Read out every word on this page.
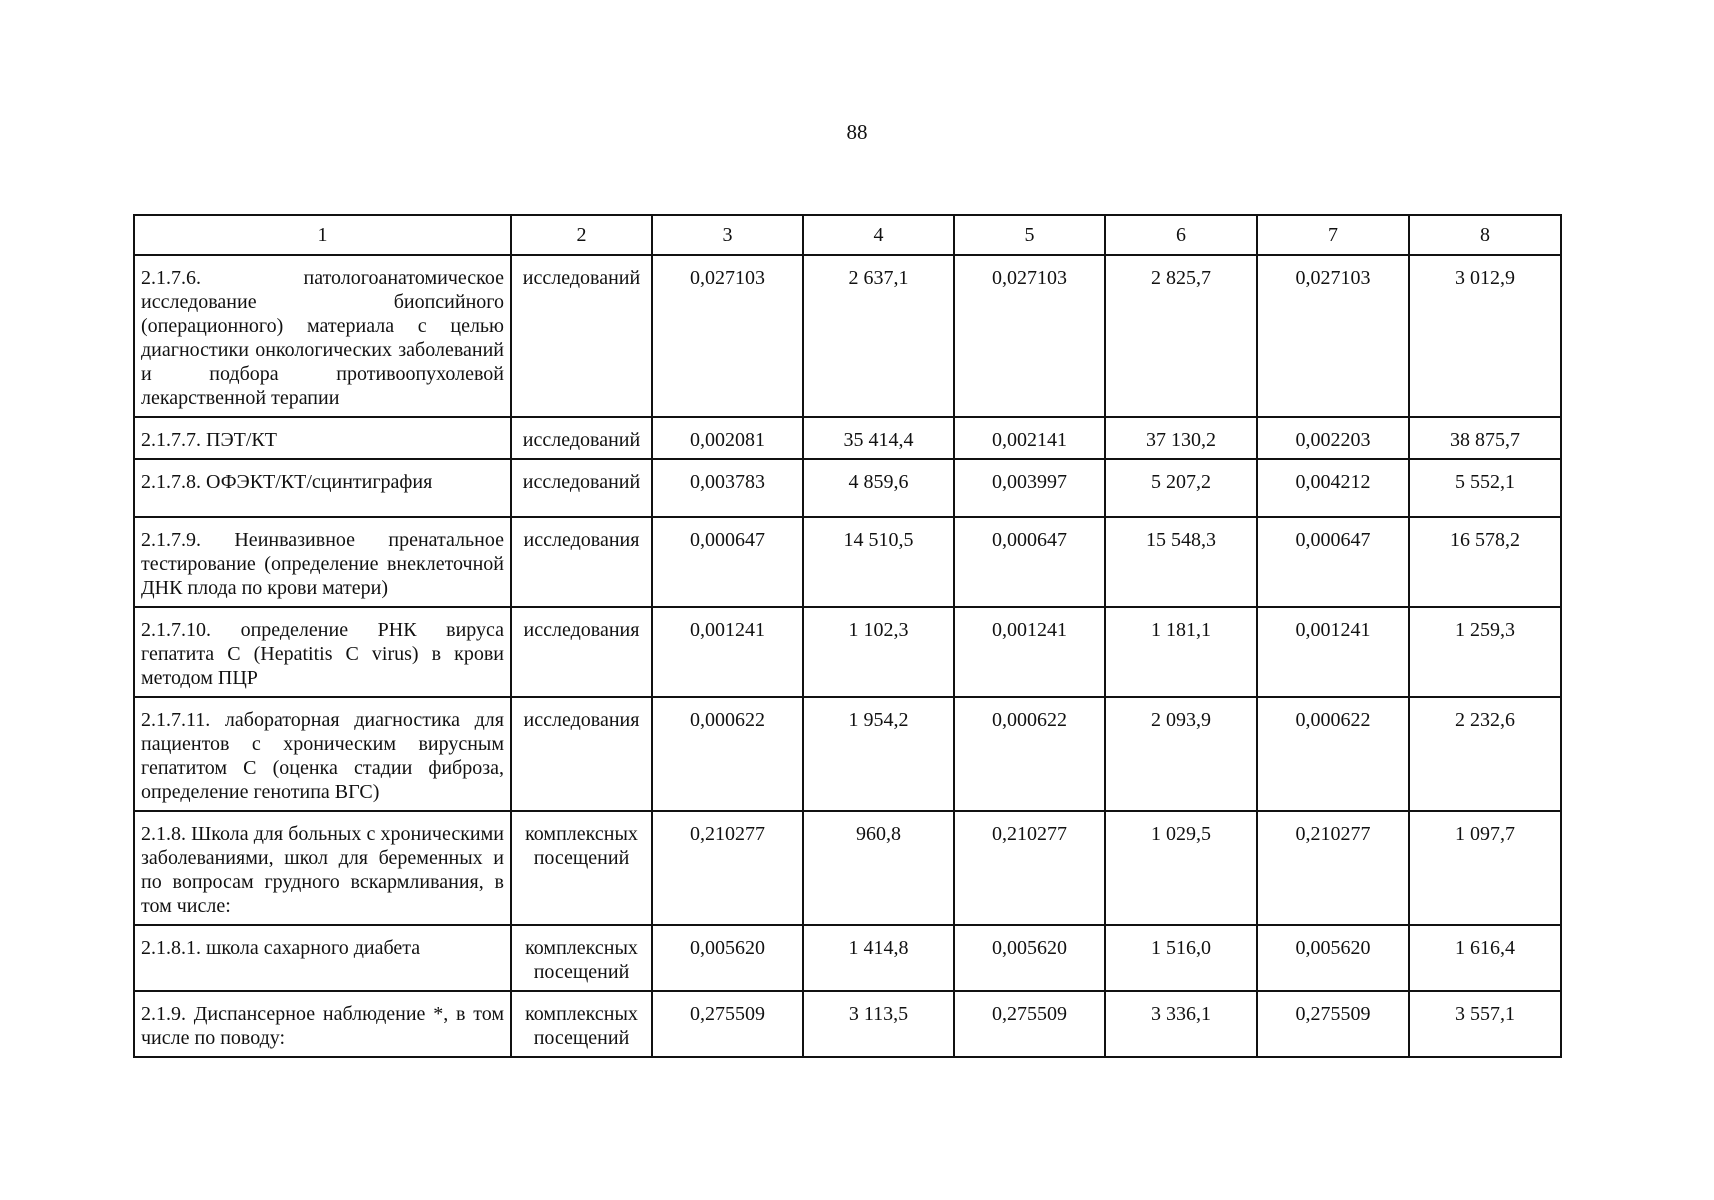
88
1	2	3	4	5	6	7	8
2.1.7.6. патологоанатомическое исследование биопсийного (операционного) материала с целью диагностики онкологических заболеваний и подбора противоопухолевой лекарственной терапии	исследований	0,027103	2 637,1	0,027103	2 825,7	0,027103	3 012,9
2.1.7.7. ПЭТ/КТ	исследований	0,002081	35 414,4	0,002141	37 130,2	0,002203	38 875,7
2.1.7.8. ОФЭКТ/КТ/сцинтиграфия	исследований	0,003783	4 859,6	0,003997	5 207,2	0,004212	5 552,1
2.1.7.9. Неинвазивное пренатальное тестирование (определение внеклеточной ДНК плода по крови матери)	исследования	0,000647	14 510,5	0,000647	15 548,3	0,000647	16 578,2
2.1.7.10. определение РНК вируса гепатита С (Hepatitis C virus) в крови методом ПЦР	исследования	0,001241	1 102,3	0,001241	1 181,1	0,001241	1 259,3
2.1.7.11. лабораторная диагностика для пациентов с хроническим вирусным гепатитом С (оценка стадии фиброза, определение генотипа ВГС)	исследования	0,000622	1 954,2	0,000622	2 093,9	0,000622	2 232,6
2.1.8. Школа для больных с хроническими заболеваниями, школ для беременных и по вопросам грудного вскармливания, в том числе:	комплексных посещений	0,210277	960,8	0,210277	1 029,5	0,210277	1 097,7
2.1.8.1. школа сахарного диабета	комплексных посещений	0,005620	1 414,8	0,005620	1 516,0	0,005620	1 616,4
2.1.9. Диспансерное наблюдение *, в том числе по поводу:	комплексных посещений	0,275509	3 113,5	0,275509	3 336,1	0,275509	3 557,1
